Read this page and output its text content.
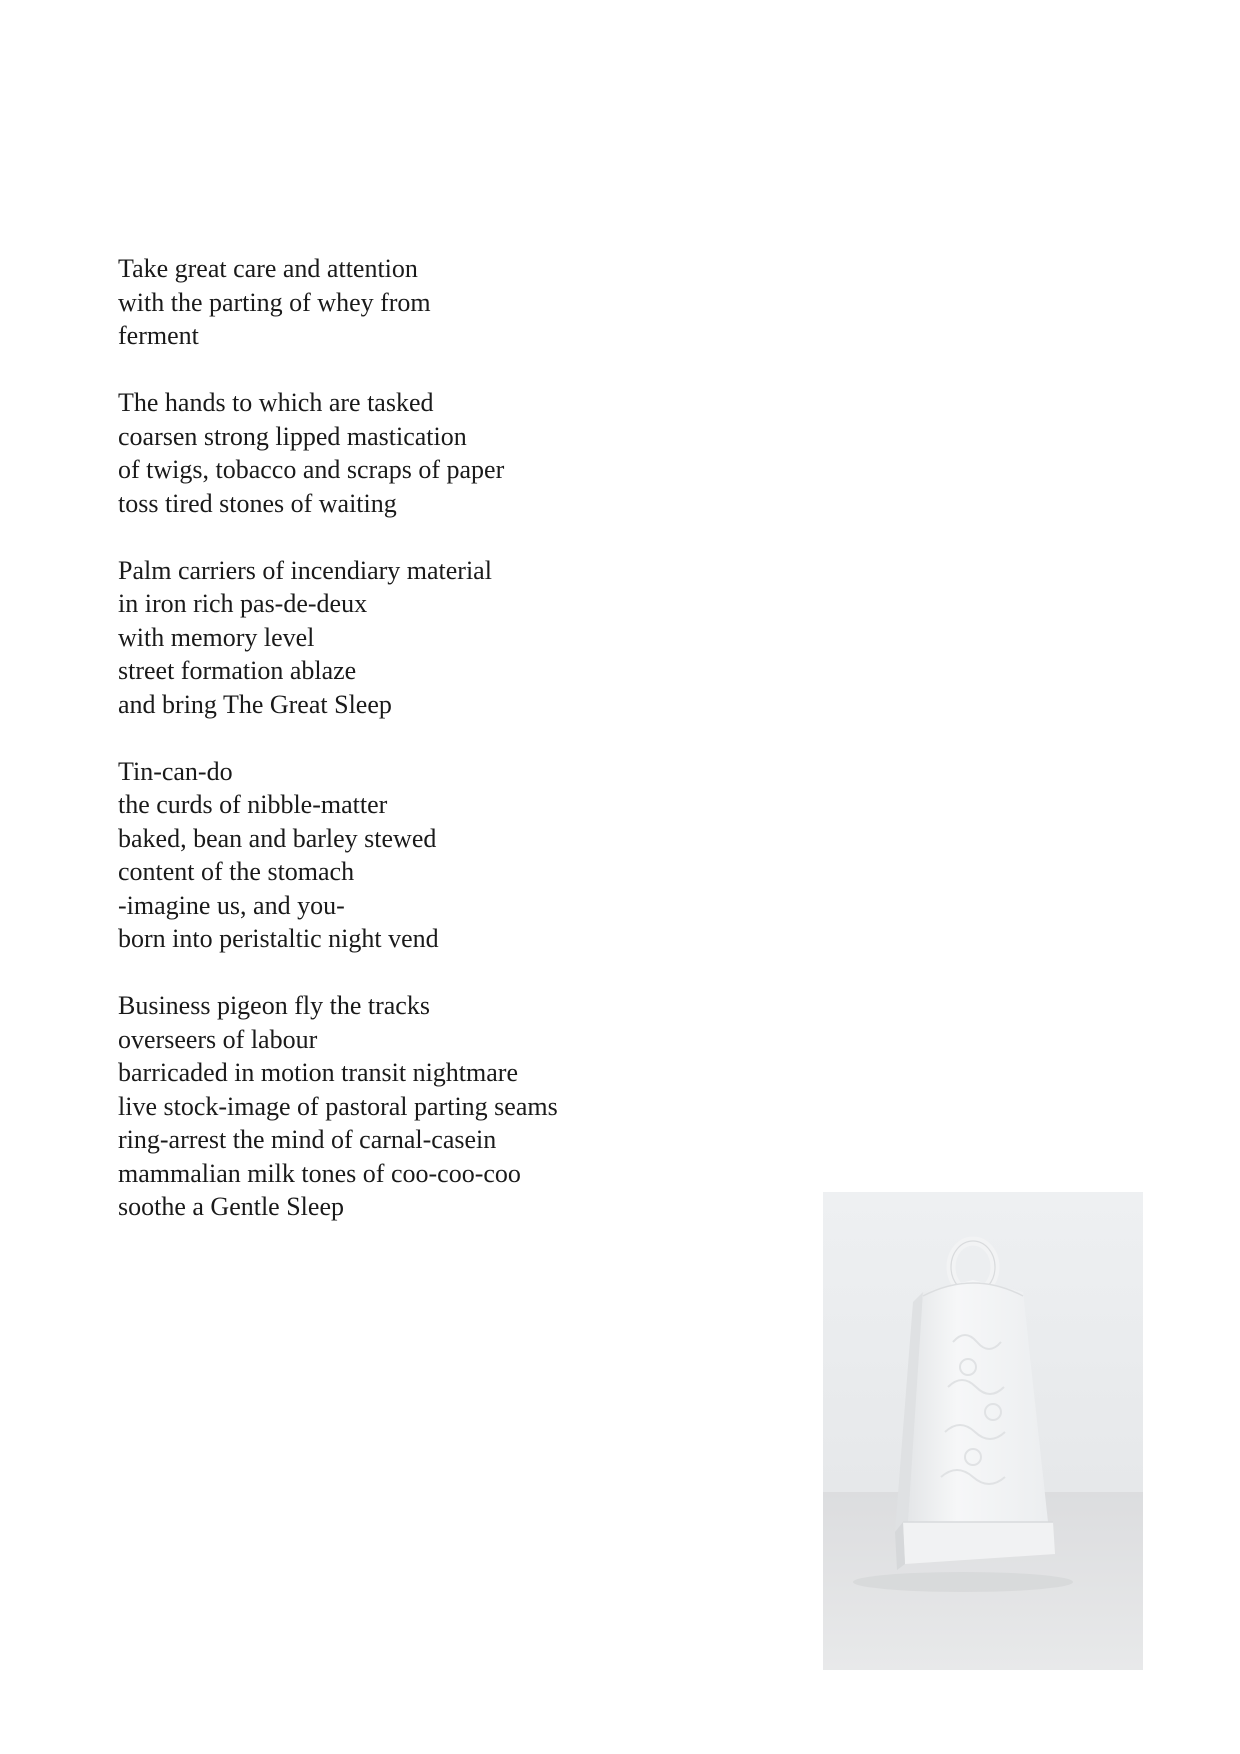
Take great care and attention
with the parting of whey from
ferment
The hands to which are tasked
coarsen strong lipped mastication
of twigs, tobacco and scraps of paper
toss tired stones of waiting
Palm carriers of incendiary material
in iron rich pas-de-deux
with memory level
street formation ablaze
and bring The Great Sleep
Tin-can-do
the curds of nibble-matter
baked, bean and barley stewed
content of the stomach
-imagine us, and you-
born into peristaltic night vend
Business pigeon fly the tracks
overseers of labour
barricaded in motion transit nightmare
live stock-image of pastoral parting seams
ring-arrest the mind of carnal-casein
mammalian milk tones of coo-coo-coo
soothe a Gentle Sleep
